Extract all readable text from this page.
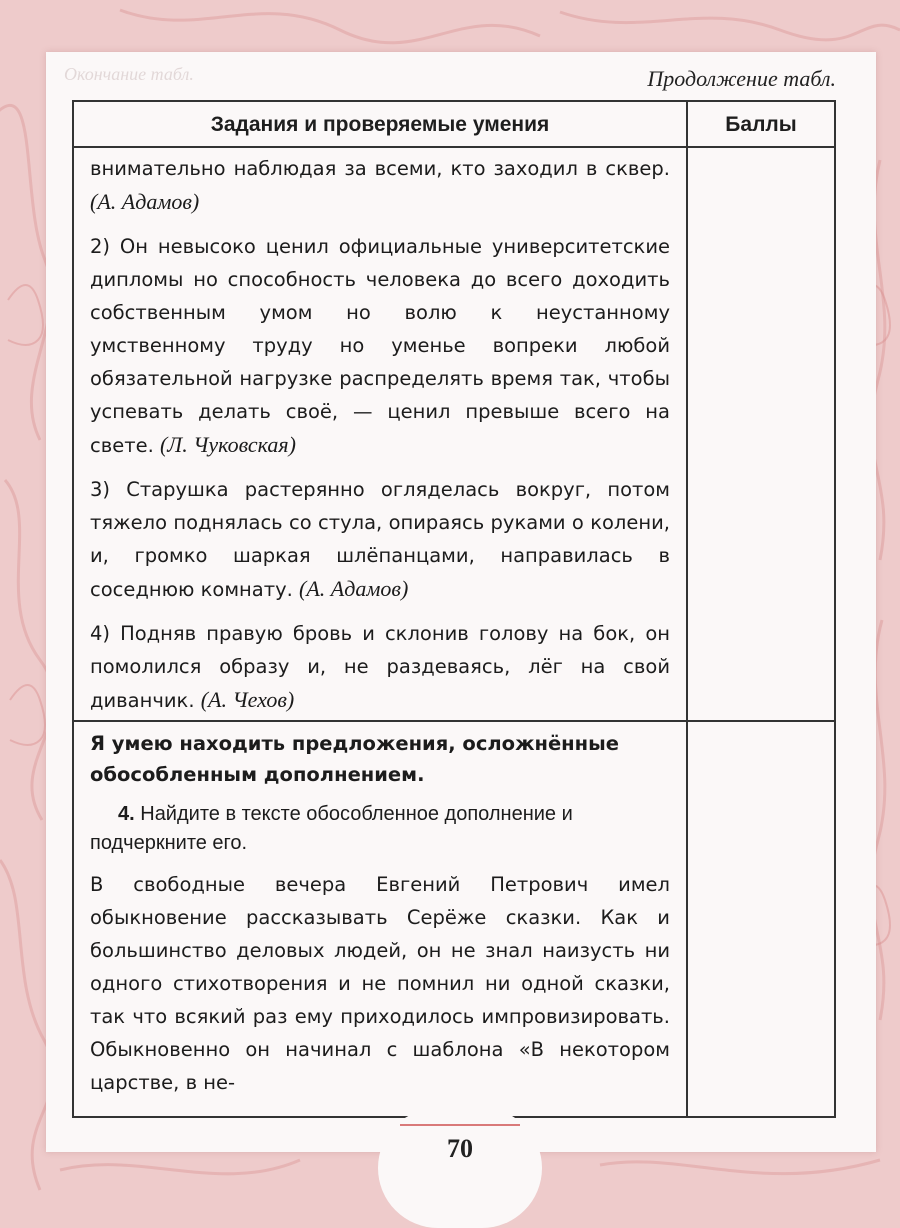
Окончание табл.	Продолжение табл.
Задания и проверяемые умения	Баллы

внимательно наблюдая за всеми, кто заходил в сквер. (А. Адамов)

2) Он невысоко ценил официальные университетские дипломы но способность человека до всего доходить собственным умом но волю к неустанному умственному труду но уменье вопреки любой обязательной нагрузке распределять время так, чтобы успевать делать своё, — ценил превыше всего на свете. (Л. Чуковская)

3) Старушка растерянно огляделась вокруг, потом тяжело поднялась со стула, опираясь руками о колени, и, громко шаркая шлёпанцами, направилась в соседнюю комнату. (А. Адамов)

4) Подняв правую бровь и склонив голову на бок, он помолился образу и, не раздеваясь, лёг на свой диванчик. (А. Чехов)

Я умею находить предложения, осложнённые обособленным дополнением.

4. Найдите в тексте обособленное дополнение и подчеркните его.

В свободные вечера Евгений Петрович имел обыкновение рассказывать Серёже сказки. Как и большинство деловых людей, он не знал наизусть ни одного стихотворения и не помнил ни одной сказки, так что всякий раз ему приходилось импровизировать. Обыкновенно он начинал с шаблона «В некотором царстве, в не-

70
